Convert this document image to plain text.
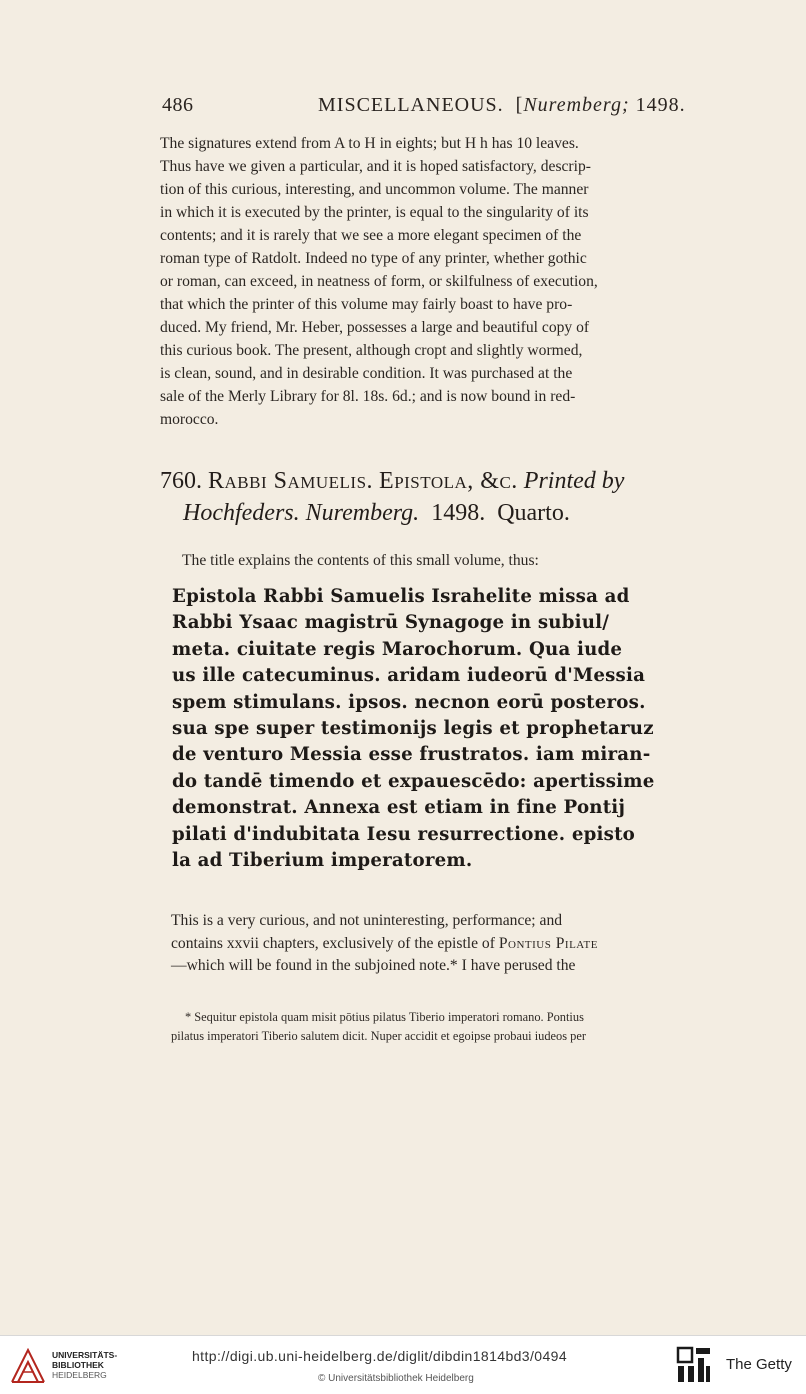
486	MISCELLANEOUS. [Nuremberg; 1498.

The signatures extend from A to H in eights; but H h has 10 leaves.

Thus have we given a particular, and it is hoped satisfactory, descrip-

tion of this curious, interesting, and uncommon volume. The manner

in which it is executed by the printer, is equal to the singularity of its

contents; and it is rarely that we see a more elegant specimen of the

roman type of Ratdolt. Indeed no type of any printer, whether gothic

or roman, can exceed, in neatness of form, or skilfulness of execution,

that which the printer of this volume may fairly boast to have pro-

duced. My friend, Mr. Heber, possesses a large and beautiful copy of

this curious book. The present, although cropt and slightly wormed,

is clean, sound, and in desirable condition. It was purchased at the

sale of the Merly Library for 8l. 18s. 6d.; and is now bound in red-

morocco.

760. Rabbi Samuelis. Epistola, &c. Printed by
Hochfeders. Nuremberg. 1498. Quarto.
The title explains the contents of this small volume, thus:
Epistola Rabbi Samuelis Israhelite missa ad
Rabbi Ysaac magistrū Synagoge in subiul/
meta. ciuitate regis Marochorum. Qua iude
us ille catecuminus. aridam iudeorū d'Messia
spem stimulans. ipsos. necnon eorū posteros.
sua spe super testimonijs legis et prophetaruz
de venturo Messia esse frustratos. iam miran-
do tandē timendo et expauescēdo: apertissime
demonstrat. Annexa est etiam in fine Pontij
pilati d'indubitata Iesu resurrectione. episto
la ad Tiberium imperatorem.
This is a very curious, and not uninteresting, performance; and
contains xxvii chapters, exclusively of the epistle of Pontius Pilate
—which will be found in the subjoined note.* I have perused the
* Sequitur epistola quam misit pōtius pilatus Tiberio imperatori romano. Pontius
pilatus imperatori Tiberio salutem dicit. Nuper accidit et egoipse probaui iudeos per
UNIVERSITÄTS-
BIBLIOTHEK
HEIDELBERG
http://digi.ub.uni-heidelberg.de/diglit/dibdin1814bd3/0494
© Universitätsbibliothek Heidelberg
The Getty
